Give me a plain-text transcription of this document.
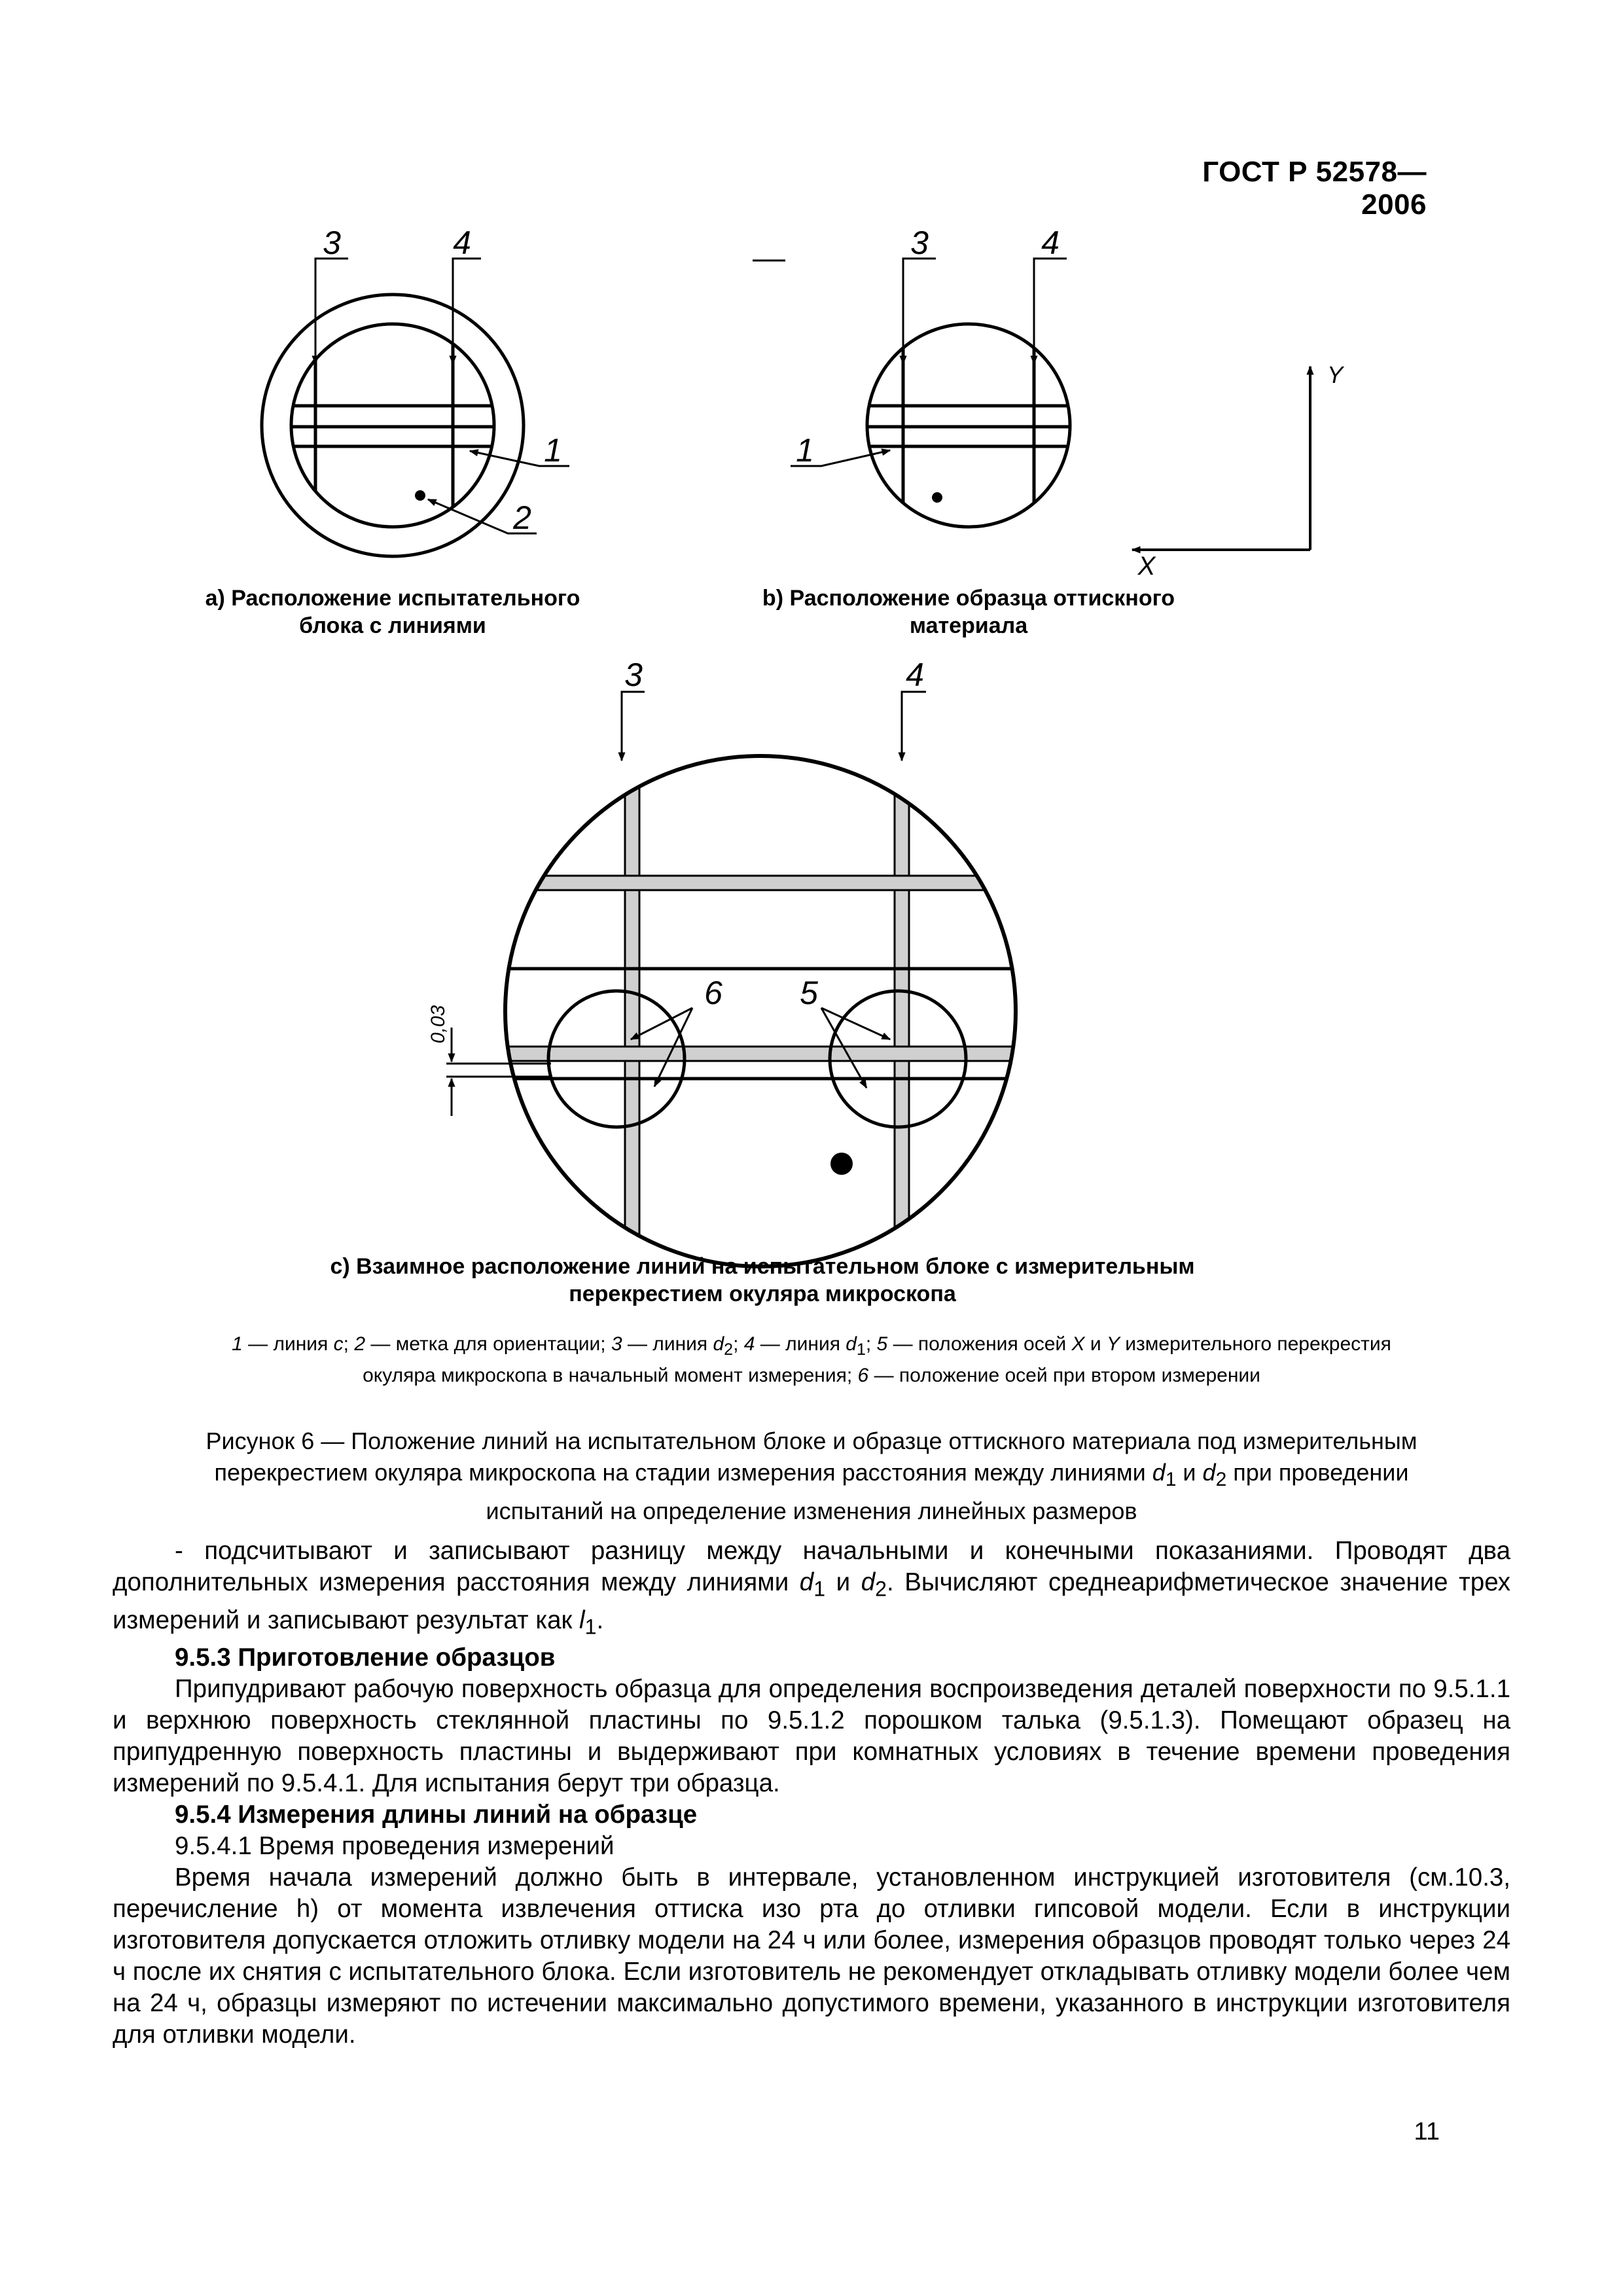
ГОСТ Р 52578—2006
3	4
1
2
3	4
1
Y
X
3	4
6 5
0,03
a) Расположение испытательного
блока с линиями
b) Расположение образца оттискного
материала
c) Взаимное расположение линий на испытательном блоке с измерительным
перекрестием окуляра микроскопа
1 — линия c; 2 — метка для ориентации; 3 — линия $d_2$; 4 — линия $d_1$; 5 — положения осей X и Y измерительного перекрестия
окуляра микроскопа в начальный момент измерения; 6 — положение осей при втором измерении
Рисунок 6 — Положение линий на испытательном блоке и образце оттискного материала под измерительным
перекрестием окуляра микроскопа на стадии измерения расстояния между линиями $d_1$ и $d_2$ при проведении
испытаний на определение изменения линейных размеров

- подсчитывают и записывают разницу между начальными и конечными показаниями. Проводят два дополнительных измерения расстояния между линиями $d_1$ и $d_2$. Вычисляют среднеарифметическое значение трех измерений и записывают результат как $l_1$.

9.5.3 Приготовление образцов

Припудривают рабочую поверхность образца для определения воспроизведения деталей поверхности по 9.5.1.1 и верхнюю поверхность стеклянной пластины по 9.5.1.2 порошком талька (9.5.1.3). Помещают образец на припудренную поверхность пластины и выдерживают при комнатных условиях в течение времени проведения измерений по 9.5.4.1. Для испытания берут три образца.

9.5.4 Измерения длины линий на образце

9.5.4.1 Время проведения измерений

Время начала измерений должно быть в интервале, установленном инструкцией изготовителя (см.10.3, перечисление h) от момента извлечения оттиска изо рта до отливки гипсовой модели. Если в инструкции изготовителя допускается отложить отливку модели на 24 ч или более, измерения образцов проводят только через 24 ч после их снятия с испытательного блока. Если изготовитель не рекомендует откладывать отливку модели более чем на 24 ч, образцы измеряют по истечении максимально допустимого времени, указанного в инструкции изготовителя для отливки модели.

11
